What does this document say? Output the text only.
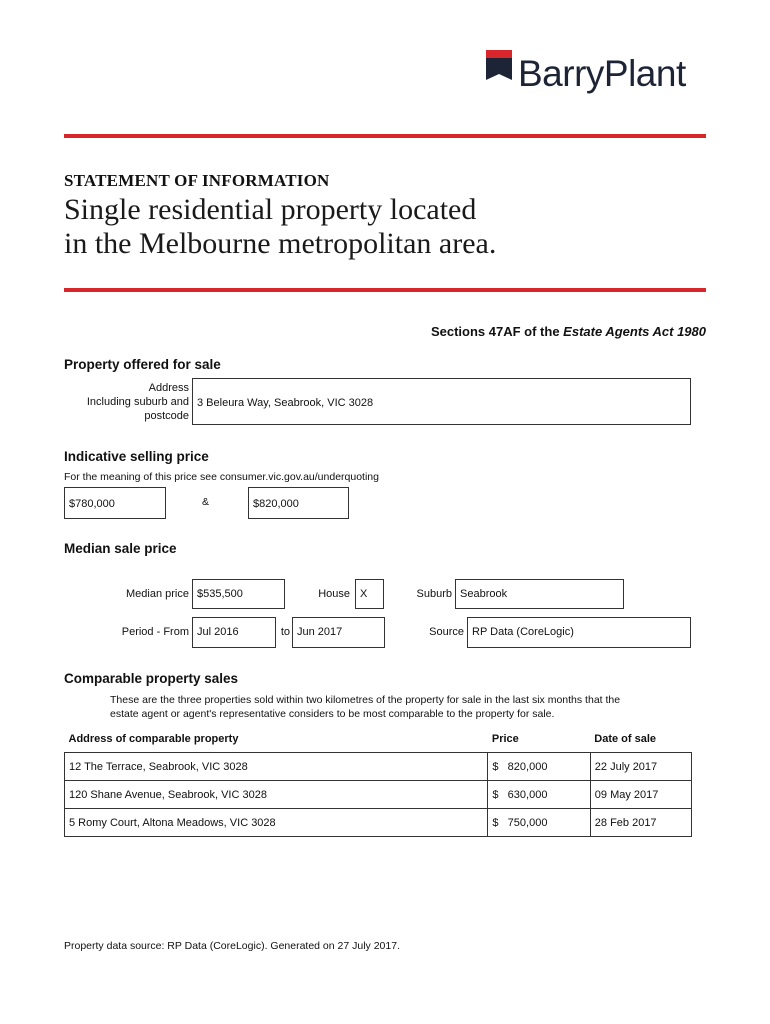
BarryPlant
STATEMENT OF INFORMATION
Single residential property located
in the Melbourne metropolitan area.
Sections 47AF of the Estate Agents Act 1980
Property offered for sale
Address
Including suburb and
postcode
3 Beleura Way, Seabrook, VIC 3028
Indicative selling price
For the meaning of this price see consumer.vic.gov.au/underquoting
$780,000	&	$820,000
Median sale price
Median price $535,500	House X	Suburb Seabrook
Period - From Jul 2016	to Jun 2017	Source RP Data (CoreLogic)
Comparable property sales
These are the three properties sold within two kilometres of the property for sale in the last six months that the
estate agent or agent's representative considers to be most comparable to the property for sale.
Address of comparable property	Price	Date of sale
12 The Terrace, Seabrook, VIC 3028	$ 820,000	22 July 2017
120 Shane Avenue, Seabrook, VIC 3028	$ 630,000	09 May 2017
5 Romy Court, Altona Meadows, VIC 3028	$ 750,000	28 Feb 2017
Property data source: RP Data (CoreLogic). Generated on 27 July 2017.
